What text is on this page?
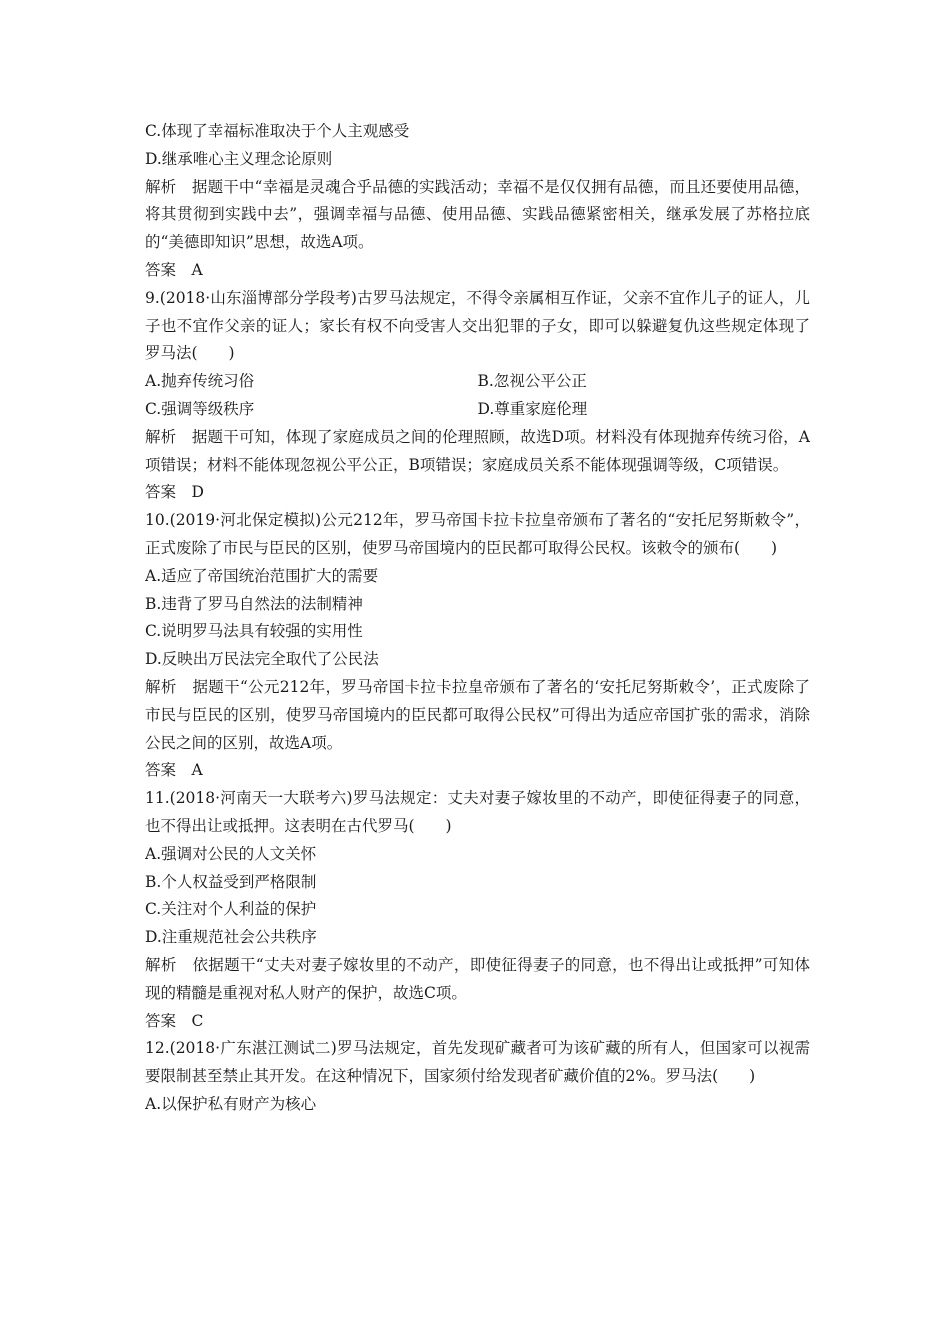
C.体现了幸福标准取决于个人主观感受
D.继承唯心主义理念论原则
解析　据题干中“幸福是灵魂合乎品德的实践活动；幸福不是仅仅拥有品德，而且还要使用品德，将其贯彻到实践中去”，强调幸福与品德、使用品德、实践品德紧密相关，继承发展了苏格拉底的“美德即知识”思想，故选A项。
答案　A
9.(2018·山东淄博部分学段考)古罗马法规定，不得令亲属相互作证，父亲不宜作儿子的证人，儿子也不宜作父亲的证人；家长有权不向受害人交出犯罪的子女，即可以躲避复仇这些规定体现了罗马法(　　)
A.抛弃传统习俗	B.忽视公平公正
C.强调等级秩序	D.尊重家庭伦理
解析　据题干可知，体现了家庭成员之间的伦理照顾，故选D项。材料没有体现抛弃传统习俗，A项错误；材料不能体现忽视公平公正，B项错误；家庭成员关系不能体现强调等级，C项错误。
答案　D
10.(2019·河北保定模拟)公元212年，罗马帝国卡拉卡拉皇帝颁布了著名的“安托尼努斯敕令”，正式废除了市民与臣民的区别，使罗马帝国境内的臣民都可取得公民权。该敕令的颁布(　　)
A.适应了帝国统治范围扩大的需要
B.违背了罗马自然法的法制精神
C.说明罗马法具有较强的实用性
D.反映出万民法完全取代了公民法
解析　据题干“公元212年，罗马帝国卡拉卡拉皇帝颁布了著名的‘安托尼努斯敕令’，正式废除了市民与臣民的区别，使罗马帝国境内的臣民都可取得公民权”可得出为适应帝国扩张的需求，消除公民之间的区别，故选A项。
答案　A
11.(2018·河南天一大联考六)罗马法规定：丈夫对妻子嫁妆里的不动产，即使征得妻子的同意，也不得出让或抵押。这表明在古代罗马(　　)
A.强调对公民的人文关怀
B.个人权益受到严格限制
C.关注对个人利益的保护
D.注重规范社会公共秩序
解析　依据题干“丈夫对妻子嫁妆里的不动产，即使征得妻子的同意，也不得出让或抵押”可知体现的精髓是重视对私人财产的保护，故选C项。
答案　C
12.(2018·广东湛江测试二)罗马法规定，首先发现矿藏者可为该矿藏的所有人，但国家可以视需要限制甚至禁止其开发。在这种情况下，国家须付给发现者矿藏价值的2%。罗马法(　　)
A.以保护私有财产为核心
